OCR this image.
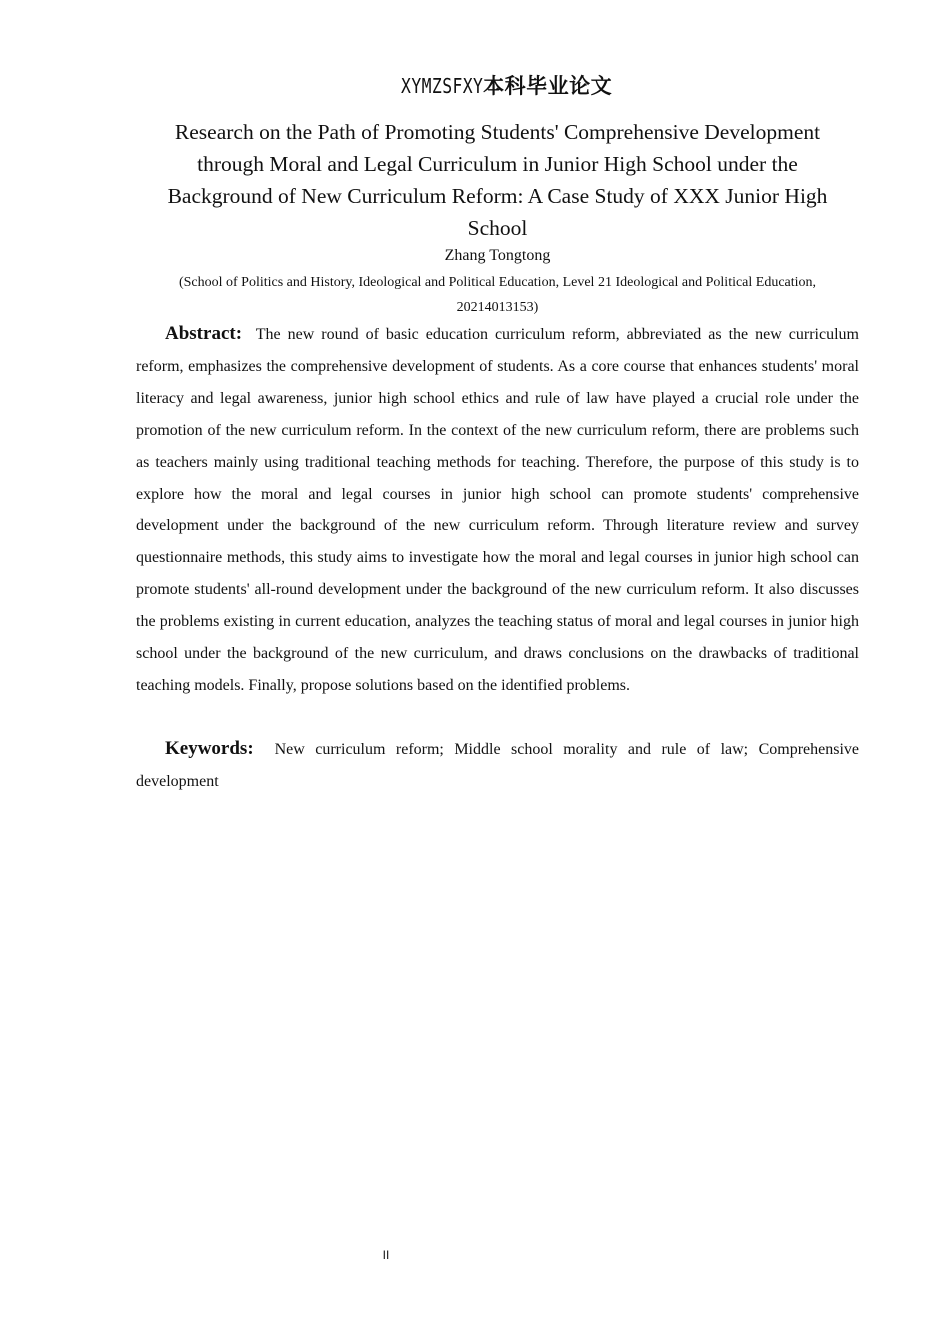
XYMZSFXY本科毕业论文
Research on the Path of Promoting Students' Comprehensive Development through Moral and Legal Curriculum in Junior High School under the Background of New Curriculum Reform: A Case Study of XXX Junior High School
Zhang Tongtong
(School of Politics and History, Ideological and Political Education, Level 21 Ideological and Political Education, 20214013153)

Abstract: The new round of basic education curriculum reform, abbreviated as the new curriculum reform, emphasizes the comprehensive development of students. As a core course that enhances students' moral literacy and legal awareness, junior high school ethics and rule of law have played a crucial role under the promotion of the new curriculum reform. In the context of the new curriculum reform, there are problems such as teachers mainly using traditional teaching methods for teaching. Therefore, the purpose of this study is to explore how the moral and legal courses in junior high school can promote students' comprehensive development under the background of the new curriculum reform. Through literature review and survey questionnaire methods, this study aims to investigate how the moral and legal courses in junior high school can promote students' all-round development under the background of the new curriculum reform. It also discusses the problems existing in current education, analyzes the teaching status of moral and legal courses in junior high school under the background of the new curriculum, and draws conclusions on the drawbacks of traditional teaching models. Finally, propose solutions based on the identified problems.

Keywords: New curriculum reform; Middle school morality and rule of law; Comprehensive development

II
